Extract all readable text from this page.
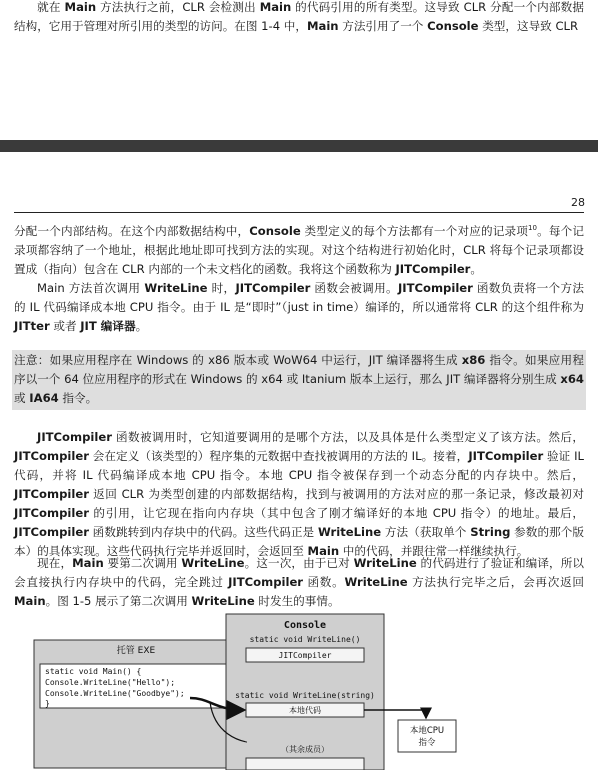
就在 Main 方法执行之前，CLR 会检测出 Main 的代码引用的所有类型。这导致 CLR 分配一个内部数据结构，它用于管理对所引用的类型的访问。在图 1-4 中，Main 方法引用了一个 Console 类型，这导致 CLR

28

分配一个内部结构。在这个内部数据结构中，Console 类型定义的每个方法都有一个对应的记录项$^{10}$。每个记录项都容纳了一个地址，根据此地址即可找到方法的实现。对这个结构进行初始化时，CLR 将每个记录项都设置成（指向）包含在 CLR 内部的一个未文档化的函数。我将这个函数称为 JITCompiler。

Main 方法首次调用 WriteLine 时，JITCompiler 函数会被调用。JITCompiler 函数负责将一个方法的 IL 代码编译成本地 CPU 指令。由于 IL 是“即时”（just in time）编译的，所以通常将 CLR 的这个组件称为 JITter 或者 JIT 编译器。

注意：如果应用程序在 Windows 的 x86 版本或 WoW64 中运行，JIT 编译器将生成 x86 指令。如果应用程序以一个 64 位应用程序的形式在 Windows 的 x64 或 Itanium 版本上运行，那么 JIT 编译器将分别生成 x64 或 IA64 指令。

JITCompiler 函数被调用时，它知道要调用的是哪个方法，以及具体是什么类型定义了该方法。然后，JITCompiler 会在定义（该类型的）程序集的元数据中查找被调用的方法的 IL。接着，JITCompiler 验证 IL 代码，并将 IL 代码编译成本地 CPU 指令。本地 CPU 指令被保存到一个动态分配的内存块中。然后，JITCompiler 返回 CLR 为类型创建的内部数据结构，找到与被调用的方法对应的那一条记录，修改最初对 JITCompiler 的引用，让它现在指向内存块（其中包含了刚才编译好的本地 CPU 指令）的地址。最后，JITCompiler 函数跳转到内存块中的代码。这些代码正是 WriteLine 方法（获取单个 String 参数的那个版本）的具体实现。这些代码执行完毕并返回时，会返回至 Main 中的代码，并跟往常一样继续执行。

现在，Main 要第二次调用 WriteLine。这一次，由于已对 WriteLine 的代码进行了验证和编译，所以会直接执行内存块中的代码，完全跳过 JITCompiler 函数。WriteLine 方法执行完毕之后，会再次返回 Main。图 1-5 展示了第二次调用 WriteLine 时发生的事情。

托管 EXE
static void Main() {
Console.WriteLine("Hello");
Console.WriteLine("Goodbye");
}
Console
static void WriteLine()
JITCompiler
static void WriteLine(string)
本地代码
（其余成员）
本地CPU
指令
